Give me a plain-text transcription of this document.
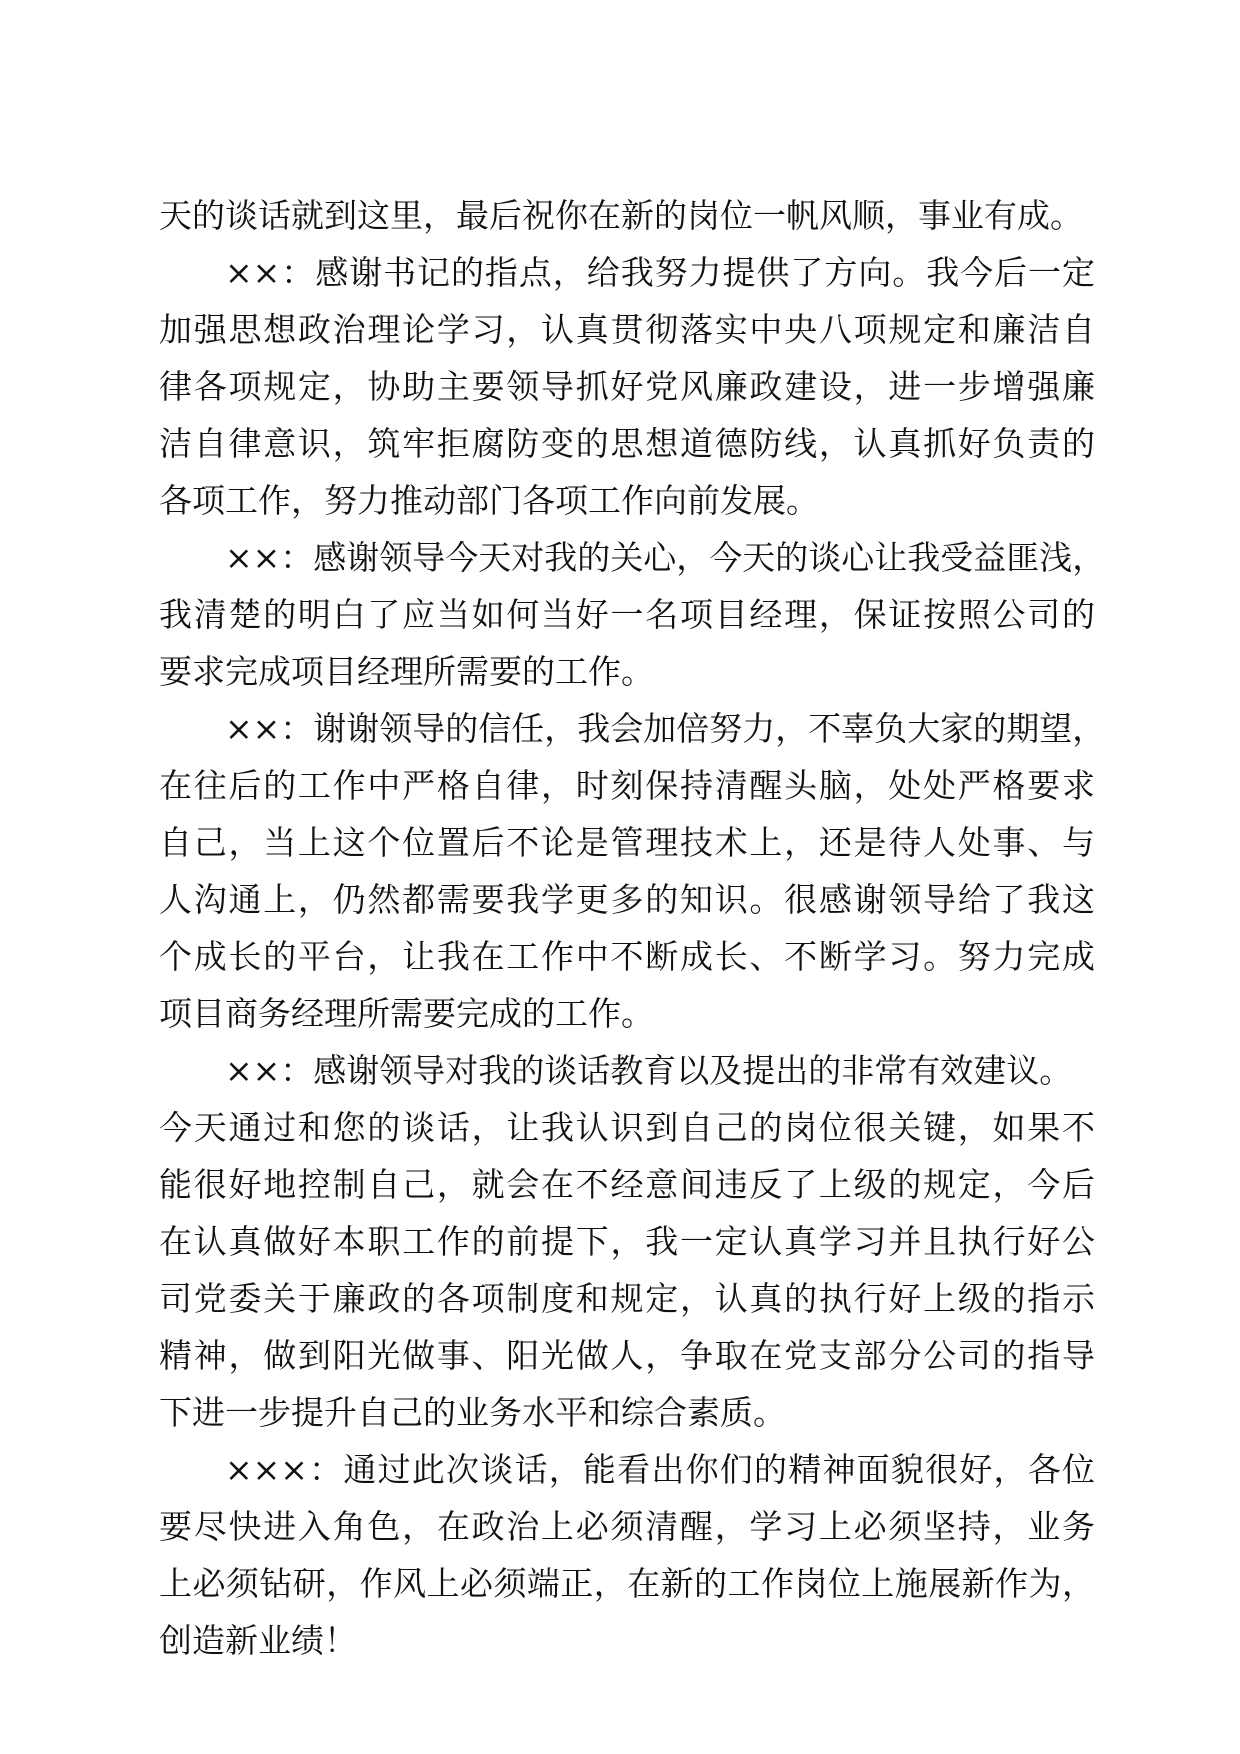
天的谈话就到这里，最后祝你在新的岗位一帆风顺，事业有成。
××：感谢书记的指点，给我努力提供了方向。我今后一定
加强思想政治理论学习，认真贯彻落实中央八项规定和廉洁自
律各项规定，协助主要领导抓好党风廉政建设，进一步增强廉
洁自律意识，筑牢拒腐防变的思想道德防线，认真抓好负责的
各项工作，努力推动部门各项工作向前发展。
××：感谢领导今天对我的关心，今天的谈心让我受益匪浅，
我清楚的明白了应当如何当好一名项目经理，保证按照公司的
要求完成项目经理所需要的工作。
××：谢谢领导的信任，我会加倍努力，不辜负大家的期望，
在往后的工作中严格自律，时刻保持清醒头脑，处处严格要求
自己，当上这个位置后不论是管理技术上，还是待人处事、与
人沟通上，仍然都需要我学更多的知识。很感谢领导给了我这
个成长的平台，让我在工作中不断成长、不断学习。努力完成
项目商务经理所需要完成的工作。
××：感谢领导对我的谈话教育以及提出的非常有效建议。
今天通过和您的谈话，让我认识到自己的岗位很关键，如果不
能很好地控制自己，就会在不经意间违反了上级的规定，今后
在认真做好本职工作的前提下，我一定认真学习并且执行好公
司党委关于廉政的各项制度和规定，认真的执行好上级的指示
精神，做到阳光做事、阳光做人，争取在党支部分公司的指导
下进一步提升自己的业务水平和综合素质。
×××：通过此次谈话，能看出你们的精神面貌很好，各位
要尽快进入角色，在政治上必须清醒，学习上必须坚持，业务
上必须钻研，作风上必须端正，在新的工作岗位上施展新作为，
创造新业绩！
